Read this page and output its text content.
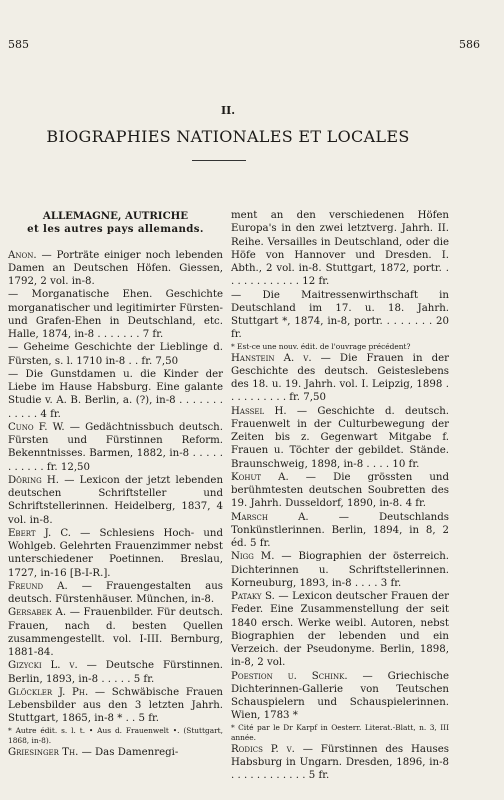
585	586
II.
BIOGRAPHIES NATIONALES ET LOCALES
ALLEMAGNE, AUTRICHE
et les autres pays allemands.

Anon. — Porträte einiger noch lebenden Damen an Deutschen Höfen. Giessen, 1792, 2 vol. in-8.

— Morganatische Ehen. Geschichte morganatischer und legitimirter Fürsten- und Grafen-Ehen in Deutschland, etc. Halle, 1874, in-8 . . . . . . . 7 fr.

— Geheime Geschichte der Lieblinge d. Fürsten, s. l. 1710 in-8 . . fr. 7,50

— Die Gunstdamen u. die Kinder der Liebe im Hause Habsburg. Eine galante Studie v. A. B. Berlin, a. (?), in-8 . . . . . . . . . . . . 4 fr.

Cuno F. W. — Gedächtnissbuch deutsch. Fürsten und Fürstinnen Reform. Bekenntnisses. Barmen, 1882, in-8 . . . . . . . . . . . fr. 12,50

Döring H. — Lexicon der jetzt lebenden deutschen Schriftsteller und Schriftstellerinnen. Heidelberg, 1837, 4 vol. in-8.

Ebert J. C. — Schlesiens Hoch- und Wohlgeb. Gelehrten Frauenzimmer nebst unterschiedener Poetinnen. Breslau, 1727, in-16 [B-I-R.].

Freund A. — Frauengestalten aus deutsch. Fürstenhäuser. München, in-8.

Gersabek A. — Frauenbilder. Für deutsch. Frauen, nach d. besten Quellen zusammengestellt. vol. I-III. Bernburg, 1881-84.

Gizycki L. v. — Deutsche Fürstinnen. Berlin, 1893, in-8 . . . . . 5 fr.

Glöckler J. Ph. — Schwäbische Frauen Lebensbilder aus den 3 letzten Jahrh. Stuttgart, 1865, in-8 * . . 5 fr.

* Autre édit. s. l. t. • Aus d. Frauenwelt •. (Stuttgart, 1868, in-8).

Griesinger Th. — Das Damenregi-

ment an den verschiedenen Höfen Europa's in den zwei letztverg. Jahrh. II. Reihe. Versailles in Deutschland, oder die Höfe von Hannover und Dresden. I. Abth., 2 vol. in-8. Stuttgart, 1872, portr. . . . . . . . . . . . . 12 fr.

— Die Maitressenwirthschaft in Deutschland im 17. u. 18. Jahrh. Stuttgart *, 1874, in-8, portr. . . . . . . . 20 fr.

* Est-ce une nouv. édit. de l'ouvrage précédent?

Hanstein A. v. — Die Frauen in der Geschichte des deutsch. Geisteslebens des 18. u. 19. Jahrh. vol. I. Leipzig, 1898 . . . . . . . . . . fr. 7,50

Hassel H. — Geschichte d. deutsch. Frauenwelt in der Culturbewegung der Zeiten bis z. Gegenwart Mitgabe f. Frauen u. Töchter der gebildet. Stände. Braunschweig, 1898, in-8 . . . . 10 fr.

Kohut A. — Die grössten und berühmtesten deutschen Soubretten des 19. Jahrh. Dusseldorf, 1890, in-8. 4 fr.

Marsch A.	— Deutschlands Tonkünstlerinnen. Berlin, 1894, in 8, 2 éd. 5 fr.

Nigg M. — Biographien der österreich. Dichterinnen u. Schriftstellerinnen. Korneuburg, 1893, in-8 . . . . 3 fr.

Pataky S. — Lexicon deutscher Frauen der Feder. Eine Zusammenstellung der seit 1840 ersch. Werke weibl. Autoren, nebst Biographien der lebenden und ein Verzeich. der Pseudonyme. Berlin, 1898, in-8, 2 vol.

Poestion u. Schink. — Griechische Dichterinnen-Gallerie von Teutschen Schauspielern und Schauspielerinnen. Wien, 1783 *

* Cité par le Dr Karpf in Oesterr. Literat.-Blatt, n. 3, III année.

Rodics P. v. — Fürstinnen des Hauses Habsburg in Ungarn. Dresden, 1896, in-8 . . . . . . . . . . . . 5 fr.
